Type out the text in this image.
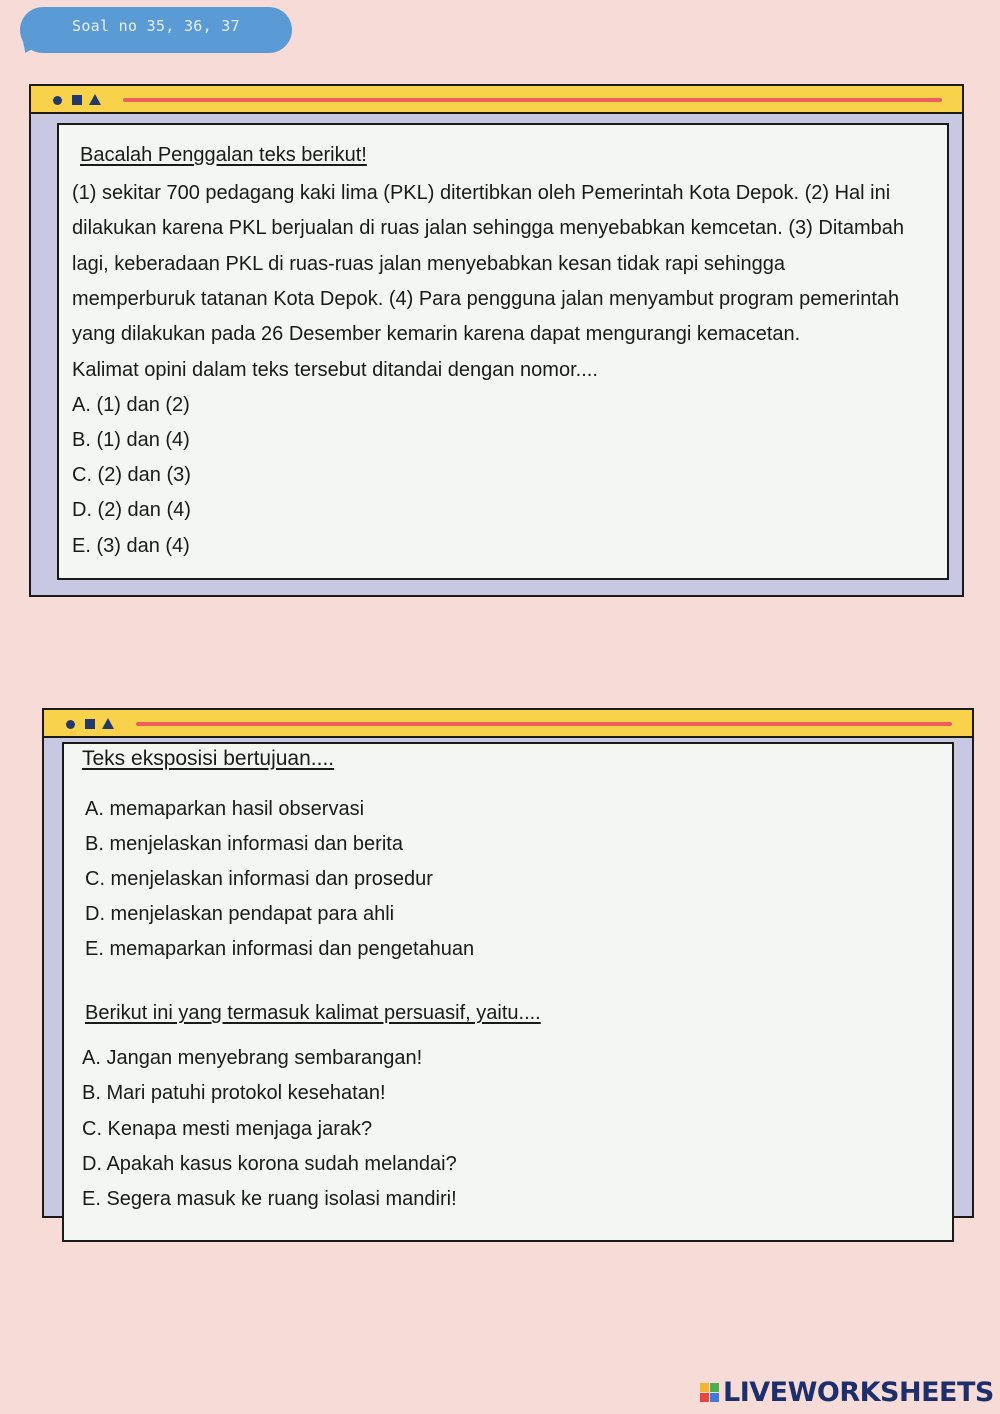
Soal no 35, 36, 37
Bacalah Penggalan teks berikut!
(1) sekitar 700 pedagang kaki lima (PKL) ditertibkan oleh Pemerintah Kota Depok. (2) Hal ini
dilakukan karena PKL berjualan di ruas jalan sehingga menyebabkan kemcetan. (3) Ditambah
lagi, keberadaan PKL di ruas-ruas jalan menyebabkan kesan tidak rapi sehingga
memperburuk tatanan Kota Depok. (4) Para pengguna jalan menyambut program pemerintah
yang dilakukan pada 26 Desember kemarin karena dapat mengurangi kemacetan.
Kalimat opini dalam teks tersebut ditandai dengan nomor....
A. (1) dan (2)
B. (1) dan (4)
C. (2) dan (3)
D. (2) dan (4)
E. (3) dan (4)
Teks eksposisi bertujuan....
A. memaparkan hasil observasi
B. menjelaskan informasi dan berita
C. menjelaskan informasi dan prosedur
D. menjelaskan pendapat para ahli
E. memaparkan informasi dan pengetahuan
Berikut ini yang termasuk kalimat persuasif, yaitu....
A. Jangan menyebrang sembarangan!
B. Mari patuhi protokol kesehatan!
C. Kenapa mesti menjaga jarak?
D. Apakah kasus korona sudah melandai?
E. Segera masuk ke ruang isolasi mandiri!
LIVEWORKSHEETS
